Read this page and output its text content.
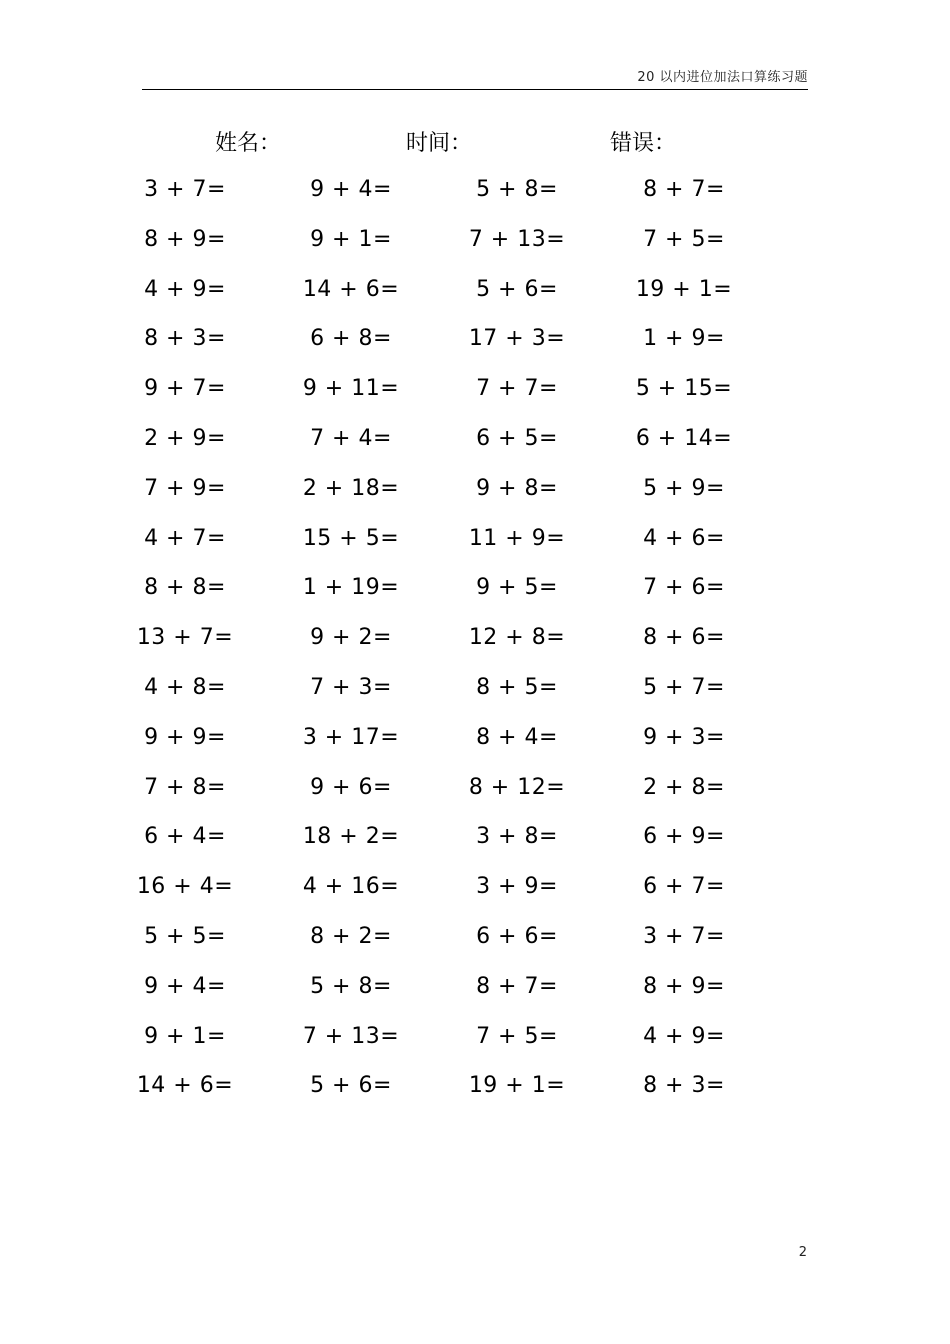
20 以内进位加法口算练习题
姓名：	时间：	错误：
3 + 7=	9 + 4=	5 + 8=	8 + 7=
8 + 9=	9 + 1=	7 + 13=	7 + 5=
4 + 9=	14 + 6=	5 + 6=	19 + 1=
8 + 3=	6 + 8=	17 + 3=	1 + 9=
9 + 7=	9 + 11=	7 + 7=	5 + 15=
2 + 9=	7 + 4=	6 + 5=	6 + 14=
7 + 9=	2 + 18=	9 + 8=	5 + 9=
4 + 7=	15 + 5=	11 + 9=	4 + 6=
8 + 8=	1 + 19=	9 + 5=	7 + 6=
13 + 7=	9 + 2=	12 + 8=	8 + 6=
4 + 8=	7 + 3=	8 + 5=	5 + 7=
9 + 9=	3 + 17=	8 + 4=	9 + 3=
7 + 8=	9 + 6=	8 + 12=	2 + 8=
6 + 4=	18 + 2=	3 + 8=	6 + 9=
16 + 4=	4 + 16=	3 + 9=	6 + 7=
5 + 5=	8 + 2=	6 + 6=	3 + 7=
9 + 4=	5 + 8=	8 + 7=	8 + 9=
9 + 1=	7 + 13=	7 + 5=	4 + 9=
14 + 6=	5 + 6=	19 + 1=	8 + 3=
2
